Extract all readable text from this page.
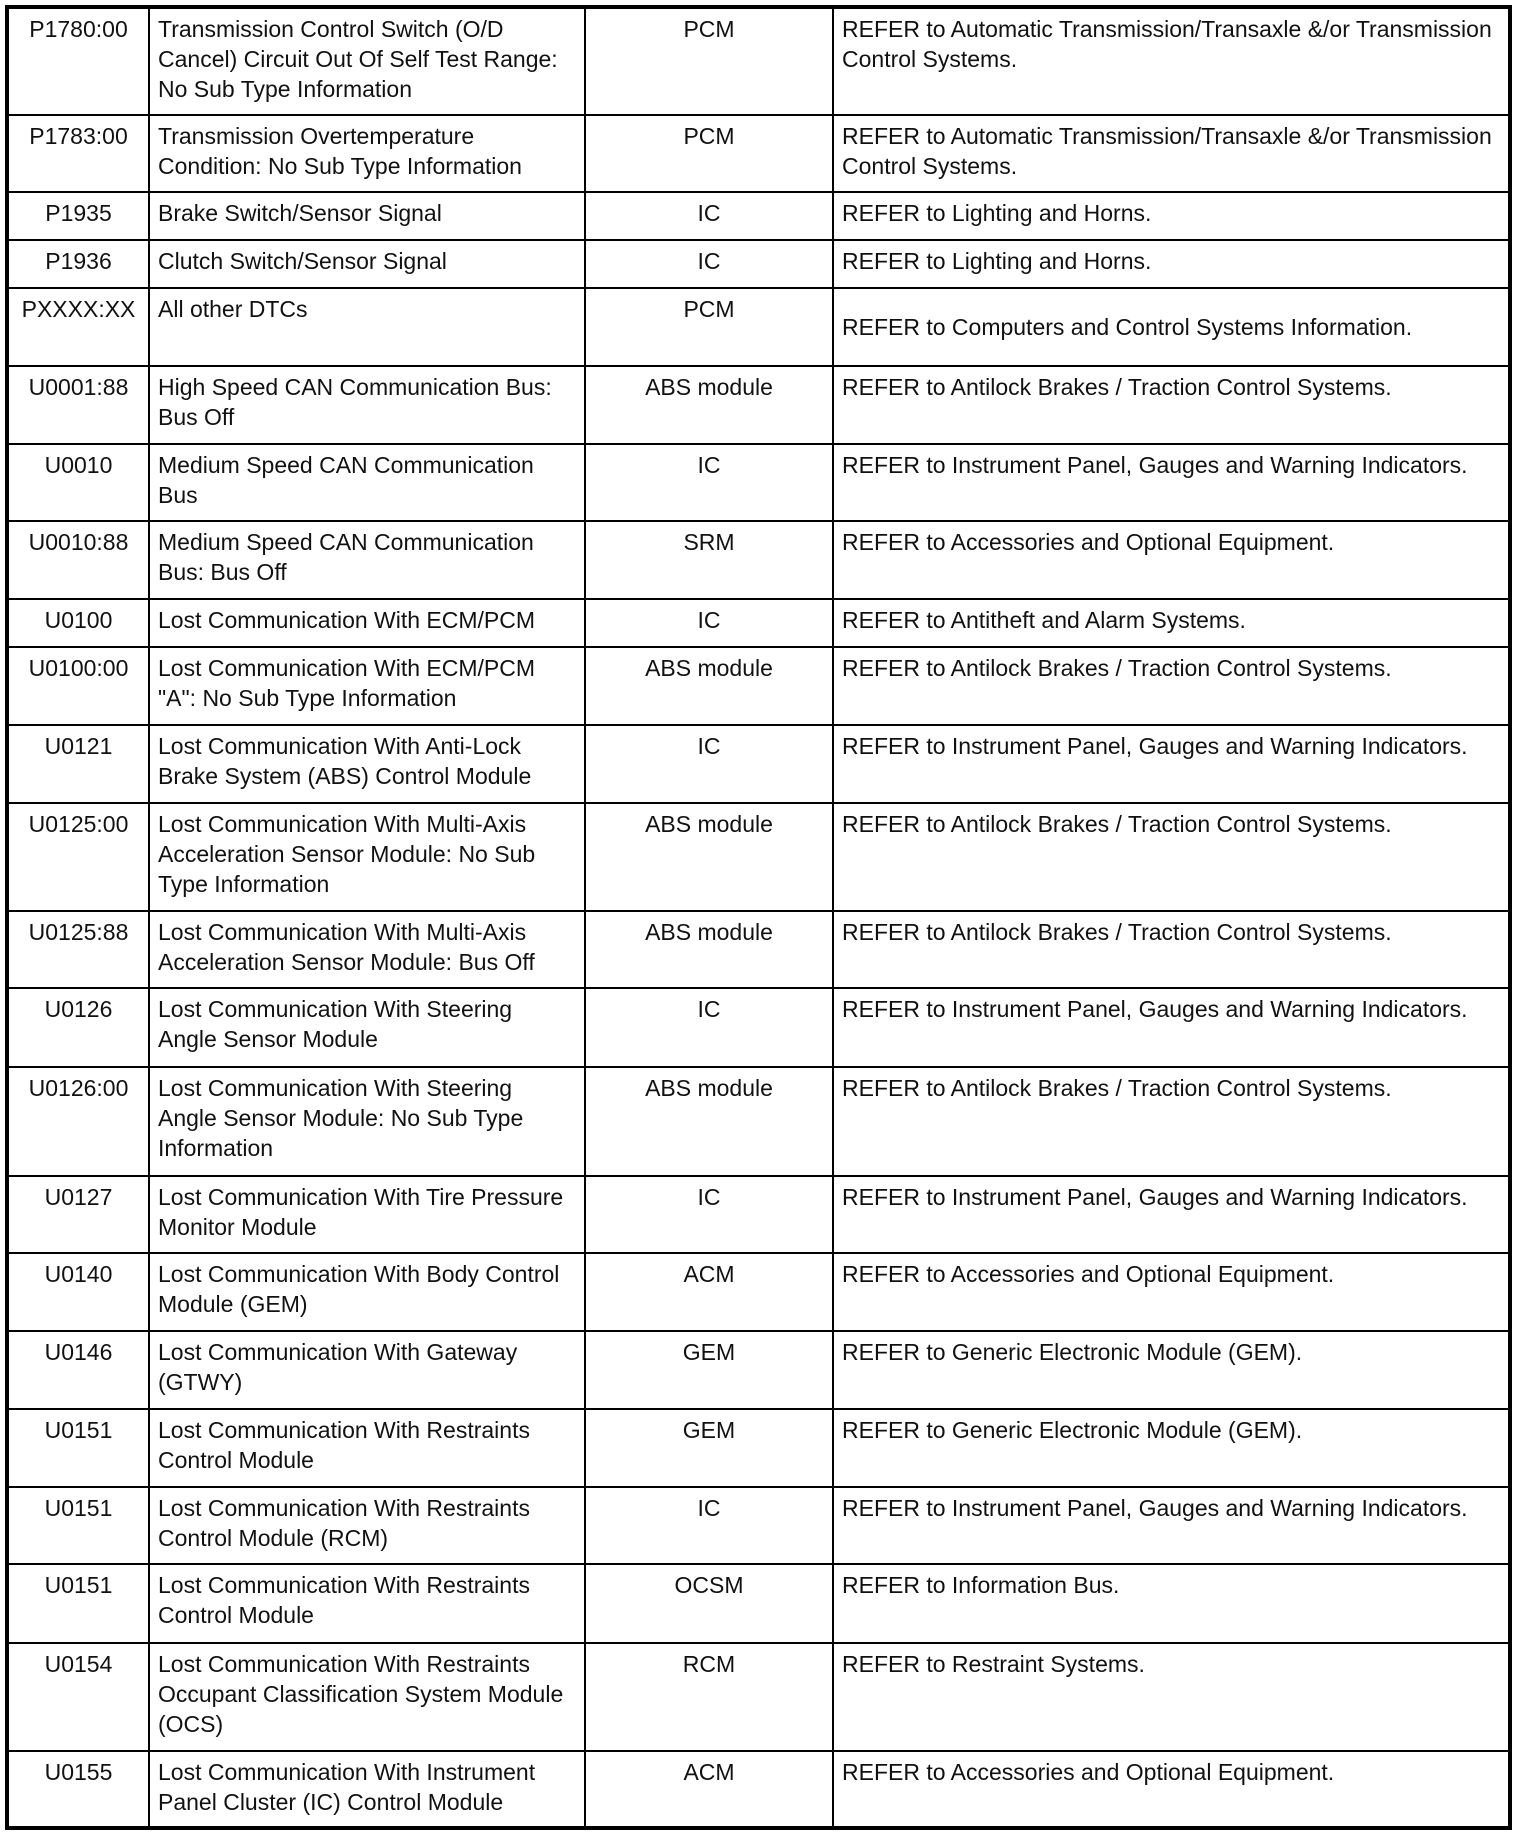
P1780:00	Transmission Control Switch (O/D Cancel) Circuit Out Of Self Test Range: No Sub Type Information	PCM	REFER to Automatic Transmission/Transaxle &/or Transmission Control Systems.
P1783:00	Transmission Overtemperature Condition: No Sub Type Information	PCM	REFER to Automatic Transmission/Transaxle &/or Transmission Control Systems.
P1935	Brake Switch/Sensor Signal	IC	REFER to Lighting and Horns.
P1936	Clutch Switch/Sensor Signal	IC	REFER to Lighting and Horns.
PXXXX:XX	All other DTCs	PCM	REFER to Computers and Control Systems Information.
U0001:88	High Speed CAN Communication Bus: Bus Off	ABS module	REFER to Antilock Brakes / Traction Control Systems.
U0010	Medium Speed CAN Communication Bus	IC	REFER to Instrument Panel, Gauges and Warning Indicators.
U0010:88	Medium Speed CAN Communication Bus: Bus Off	SRM	REFER to Accessories and Optional Equipment.
U0100	Lost Communication With ECM/PCM	IC	REFER to Antitheft and Alarm Systems.
U0100:00	Lost Communication With ECM/PCM "A": No Sub Type Information	ABS module	REFER to Antilock Brakes / Traction Control Systems.
U0121	Lost Communication With Anti-Lock Brake System (ABS) Control Module	IC	REFER to Instrument Panel, Gauges and Warning Indicators.
U0125:00	Lost Communication With Multi-Axis Acceleration Sensor Module: No Sub Type Information	ABS module	REFER to Antilock Brakes / Traction Control Systems.
U0125:88	Lost Communication With Multi-Axis Acceleration Sensor Module: Bus Off	ABS module	REFER to Antilock Brakes / Traction Control Systems.
U0126	Lost Communication With Steering Angle Sensor Module	IC	REFER to Instrument Panel, Gauges and Warning Indicators.
U0126:00	Lost Communication With Steering Angle Sensor Module: No Sub Type Information	ABS module	REFER to Antilock Brakes / Traction Control Systems.
U0127	Lost Communication With Tire Pressure Monitor Module	IC	REFER to Instrument Panel, Gauges and Warning Indicators.
U0140	Lost Communication With Body Control Module (GEM)	ACM	REFER to Accessories and Optional Equipment.
U0146	Lost Communication With Gateway (GTWY)	GEM	REFER to Generic Electronic Module (GEM).
U0151	Lost Communication With Restraints Control Module	GEM	REFER to Generic Electronic Module (GEM).
U0151	Lost Communication With Restraints Control Module (RCM)	IC	REFER to Instrument Panel, Gauges and Warning Indicators.
U0151	Lost Communication With Restraints Control Module	OCSM	REFER to Information Bus.
U0154	Lost Communication With Restraints Occupant Classification System Module (OCS)	RCM	REFER to Restraint Systems.
U0155	Lost Communication With Instrument Panel Cluster (IC) Control Module	ACM	REFER to Accessories and Optional Equipment.
